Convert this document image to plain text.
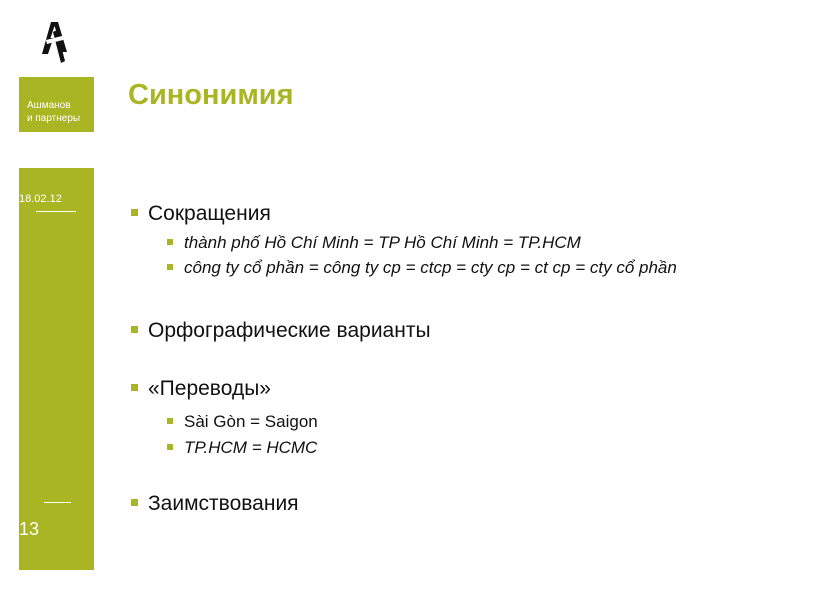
Ашманов
и партнеры
18.02.12
13
Синонимия
Сокращения
thành phố Hồ Chí Minh = TP Hồ Chí Minh = TP.HCM
công ty cổ phần = công ty cp = ctcp = cty cp = ct cp = cty cổ phần
Орфографические варианты
«Переводы»
Sài Gòn = Saigon
TP.HCM = HCMC
Заимствования
